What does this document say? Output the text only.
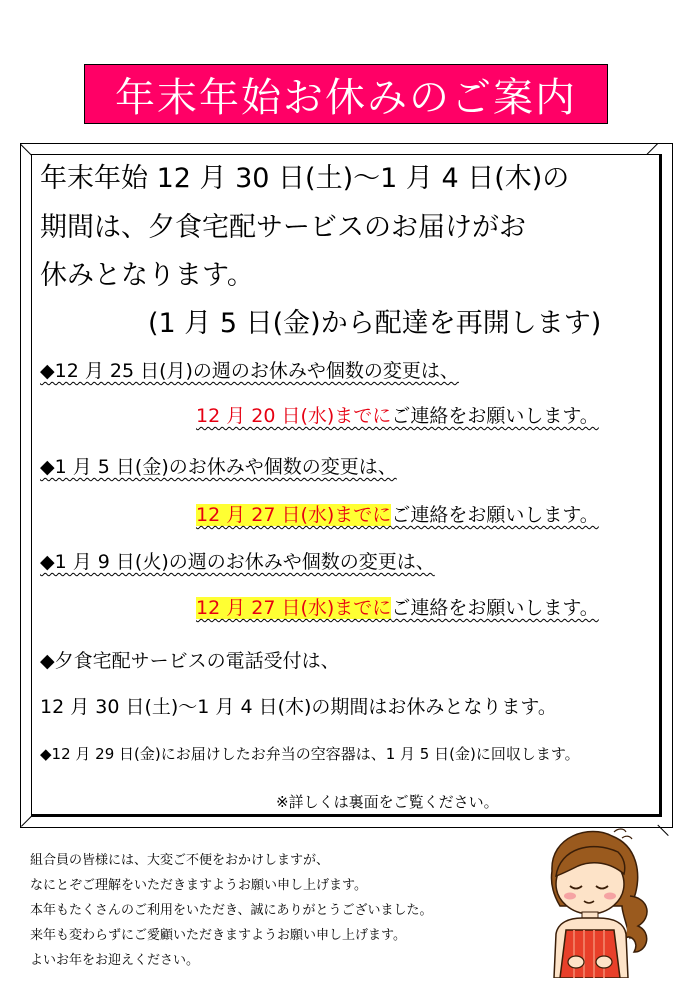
年末年始お休みのご案内
年末年始 12 月 30 日(土)〜1 月 4 日(木)の
期間は、夕食宅配サービスのお届けがお
休みとなります。
(1 月 5 日(金)から配達を再開します)
◆12 月 25 日(月)の週のお休みや個数の変更は、
12 月 20 日(水)までにご連絡をお願いします。
◆1 月 5 日(金)のお休みや個数の変更は、
12 月 27 日(水)までにご連絡をお願いします。
◆1 月 9 日(火)の週のお休みや個数の変更は、
12 月 27 日(水)までにご連絡をお願いします。
◆夕食宅配サービスの電話受付は、
12 月 30 日(土)〜1 月 4 日(木)の期間はお休みとなります。
◆12 月 29 日(金)にお届けしたお弁当の空容器は、1 月 5 日(金)に回収します。
※詳しくは裏面をご覧ください。
組合員の皆様には、大変ご不便をおかけしますが、
なにとぞご理解をいただきますようお願い申し上げます。
本年もたくさんのご利用をいただき、誠にありがとうございました。
来年も変わらずにご愛顧いただきますようお願い申し上げます。
よいお年をお迎えください。
